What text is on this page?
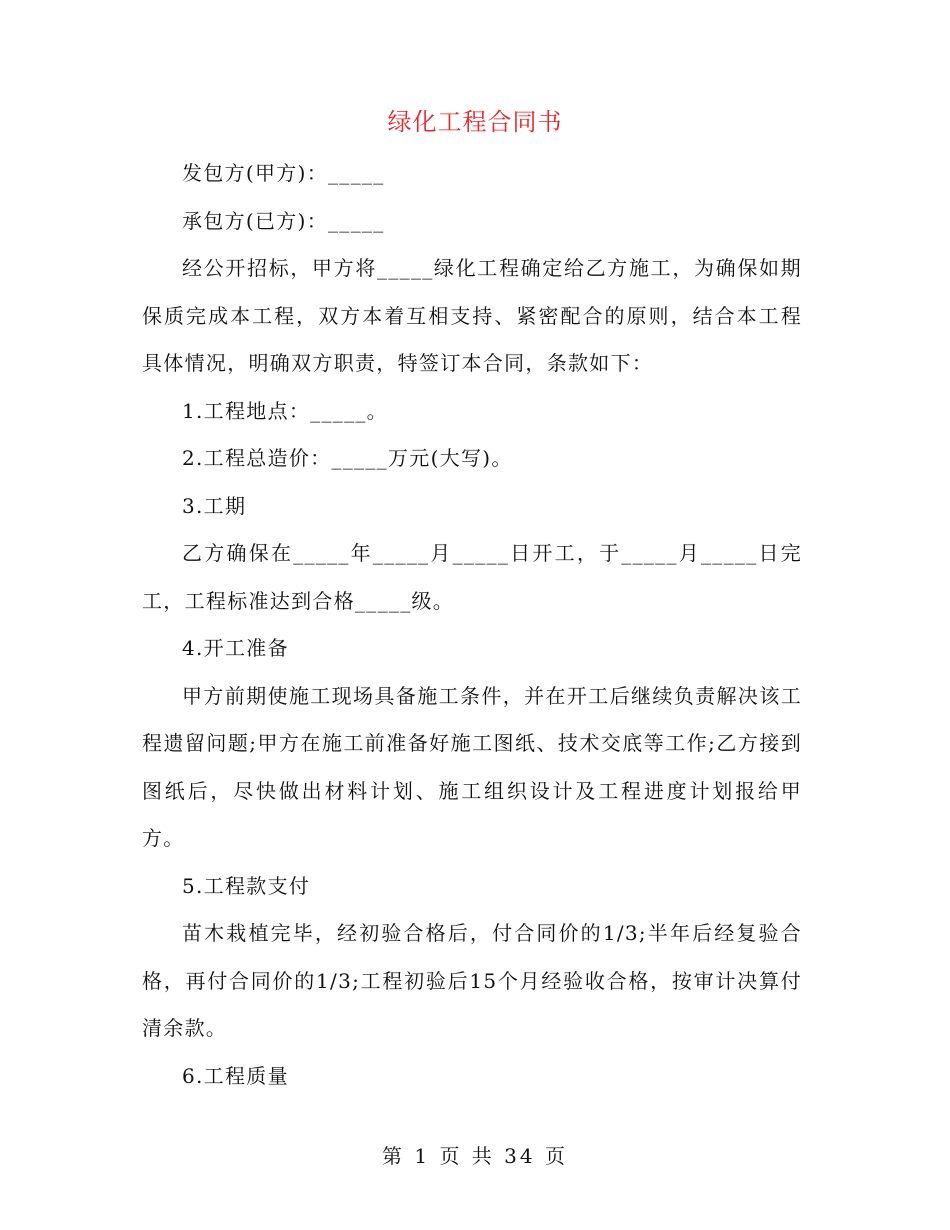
绿化工程合同书

发包方(甲方)：_____

承包方(已方)：_____

经公开招标，甲方将_____绿化工程确定给乙方施工，为确保如期保质完成本工程，双方本着互相支持、紧密配合的原则，结合本工程具体情况，明确双方职责，特签订本合同，条款如下：

1.工程地点：_____。

2.工程总造价：_____万元(大写)。

3.工期

乙方确保在_____年_____月_____日开工，于_____月_____日完工，工程标准达到合格_____级。

4.开工准备

甲方前期使施工现场具备施工条件，并在开工后继续负责解决该工程遗留问题;甲方在施工前准备好施工图纸、技术交底等工作;乙方接到图纸后，尽快做出材料计划、施工组织设计及工程进度计划报给甲方。

5.工程款支付

苗木栽植完毕，经初验合格后，付合同价的1/3;半年后经复验合格，再付合同价的1/3;工程初验后15个月经验收合格，按审计决算付清余款。

6.工程质量

第 1 页 共 34 页
